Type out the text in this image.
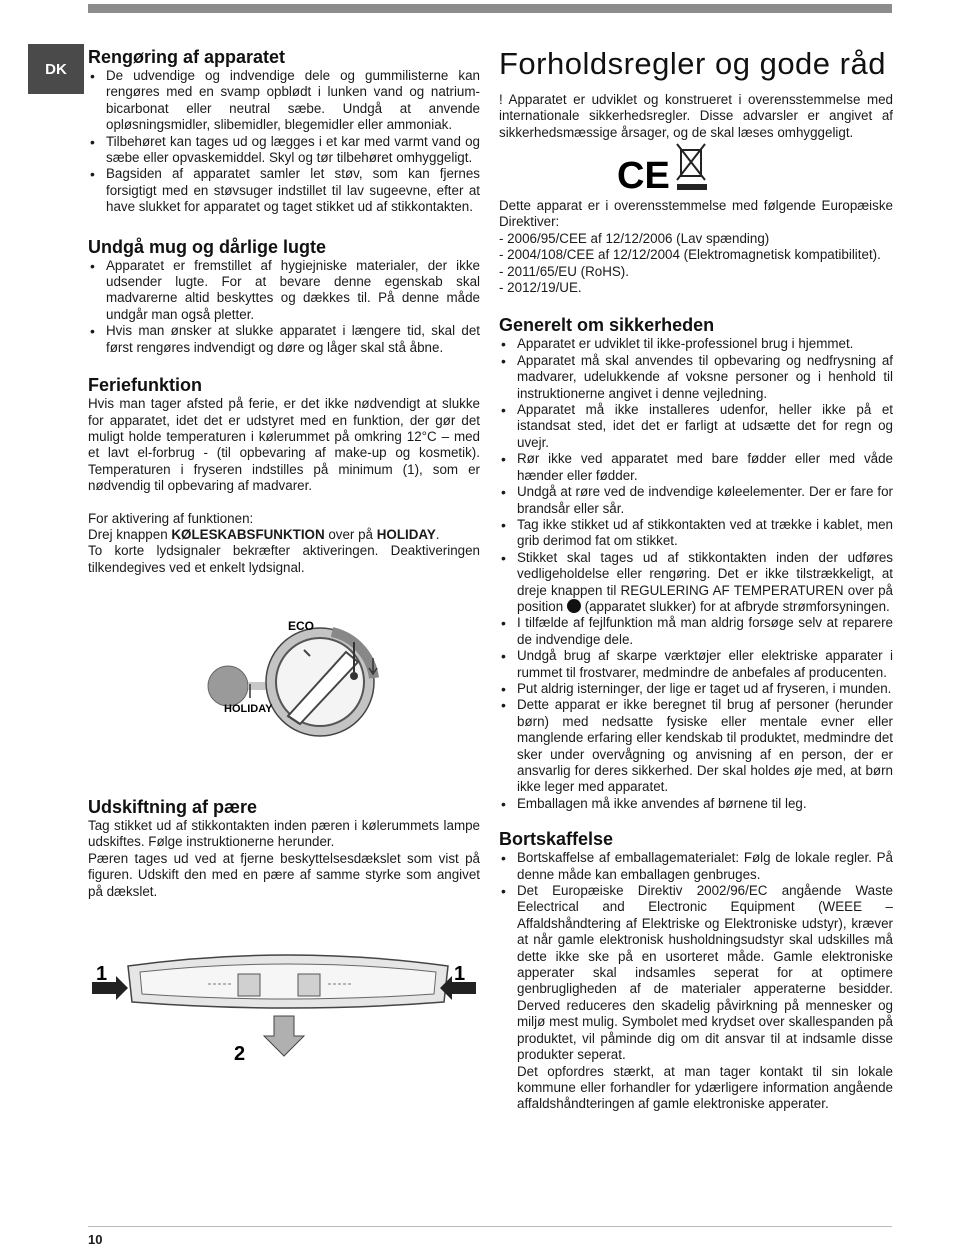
DK
Rengøring af apparatet
• De udvendige og indvendige dele og gummilisterne kan rengøres med en svamp opblødt i lunken vand og natrium-bicarbonat eller neutral sæbe. Undgå at anvende opløsningsmidler, slibemidler, blegemidler eller ammoniak.
• Tilbehøret kan tages ud og lægges i et kar med varmt vand og sæbe eller opvaskemiddel. Skyl og tør tilbehøret omhyggeligt.
• Bagsiden af apparatet samler let støv, som kan fjernes forsigtigt med en støvsuger indstillet til lav sugeevne, efter at have slukket for apparatet og taget stikket ud af stikkontakten.
Undgå mug og dårlige lugte
• Apparatet er fremstillet af hygiejniske materialer, der ikke udsender lugte. For at bevare denne egenskab skal madvarerne altid beskyttes og dækkes til. På denne måde undgår man også pletter.
• Hvis man ønsker at slukke apparatet i længere tid, skal det først rengøres indvendigt og døre og låger skal stå åbne.
Feriefunktion

Hvis man tager afsted på ferie, er det ikke nødvendigt at slukke for apparatet, idet det er udstyret med en funktion, der gør det muligt holde temperaturen i kølerummet på omkring 12°C – med et lavt el-forbrug - (til opbevaring af make-up og kosmetik). Temperaturen i fryseren indstilles på minimum (1), som er nødvendig til opbevaring af madvarer.

For aktivering af funktionen:

Drej knappen KØLESKABSFUNKTION over på HOLIDAY.

To korte lydsignaler bekræfter aktiveringen. Deaktiveringen tilkendegives ved et enkelt lydsignal.

ECO
HOLIDAY
Udskiftning af pære

Tag stikket ud af stikkontakten inden pæren i kølerummets lampe udskiftes. Følge instruktionerne herunder.

Pæren tages ud ved at fjerne beskyttelsesdækslet som vist på figuren. Udskift den med en pære af samme styrke som angivet på dækslet.

1	1
2
Forholdsregler og gode råd

! Apparatet er udviklet og konstrueret i overensstemmelse med internationale sikkerhedsregler. Disse advarsler er angivet af sikkerhedsmæssige årsager, og de skal læses omhyggeligt.

CE

Dette apparat er i overensstemmelse med følgende Europæiske Direktiver:

- 2006/95/CEE af 12/12/2006 (Lav spænding)
- 2004/108/CEE af 12/12/2004 (Elektromagnetisk kompatibilitet).
- 2011/65/EU (RoHS).
- 2012/19/UE.
Generelt om sikkerheden
• Apparatet er udviklet til ikke-professionel brug i hjemmet.
• Apparatet må skal anvendes til opbevaring og nedfrysning af madvarer, udelukkende af voksne personer og i henhold til instruktionerne angivet i denne vejledning.
• Apparatet må ikke installeres udenfor, heller ikke på et istandsat sted, idet det er farligt at udsætte det for regn og uvejr.
• Rør ikke ved apparatet med bare fødder eller med våde hænder eller fødder.
• Undgå at røre ved de indvendige køleelementer. Der er fare for brandsår eller sår.
• Tag ikke stikket ud af stikkontakten ved at trække i kablet, men grib derimod fat om stikket.
• Stikket skal tages ud af stikkontakten inden der udføres vedligeholdelse eller rengøring. Det er ikke tilstrækkeligt, at dreje knappen til REGULERING AF TEMPERATUREN over på position  (apparatet slukker) for at afbryde strømforsyningen.
• I tilfælde af fejlfunktion må man aldrig forsøge selv at reparere de indvendige dele.
• Undgå brug af skarpe værktøjer eller elektriske apparater i rummet til frostvarer, medmindre de anbefales af producenten.
• Put aldrig isterninger, der lige er taget ud af fryseren, i munden.
• Dette apparat er ikke beregnet til brug af personer (herunder børn) med nedsatte fysiske eller mentale evner eller manglende erfaring eller kendskab til produktet, medmindre det sker under overvågning og anvisning af en person, der er ansvarlig for deres sikkerhed. Der skal holdes øje med, at børn ikke leger med apparatet.
• Emballagen må ikke anvendes af børnene til leg.
Bortskaffelse
• Bortskaffelse af emballagematerialet: Følg de lokale regler. På denne måde kan emballagen genbruges.
• Det Europæiske Direktiv 2002/96/EC angående Waste Eelectrical and Electronic Equipment (WEEE – Affaldshåndtering af Elektriske og Elektroniske udstyr), kræver at når gamle elektronisk husholdningsudstyr skal udskilles må dette ikke ske på en usorteret måde. Gamle elektroniske apperater skal indsamles seperat for at optimere genbrugligheden af de materialer apperaterne besidder. Derved reduceres den skadelig påvirkning på mennesker og miljø mest mulig. Symbolet med krydset over skallespanden på produktet, vil påminde dig om dit ansvar til at indsamle disse produkter seperat.

Det opfordres stærkt, at man tager kontakt til sin lokale kommune eller forhandler for ydærligere information angående affaldshåndteringen af gamle elektroniske apperater.

10
